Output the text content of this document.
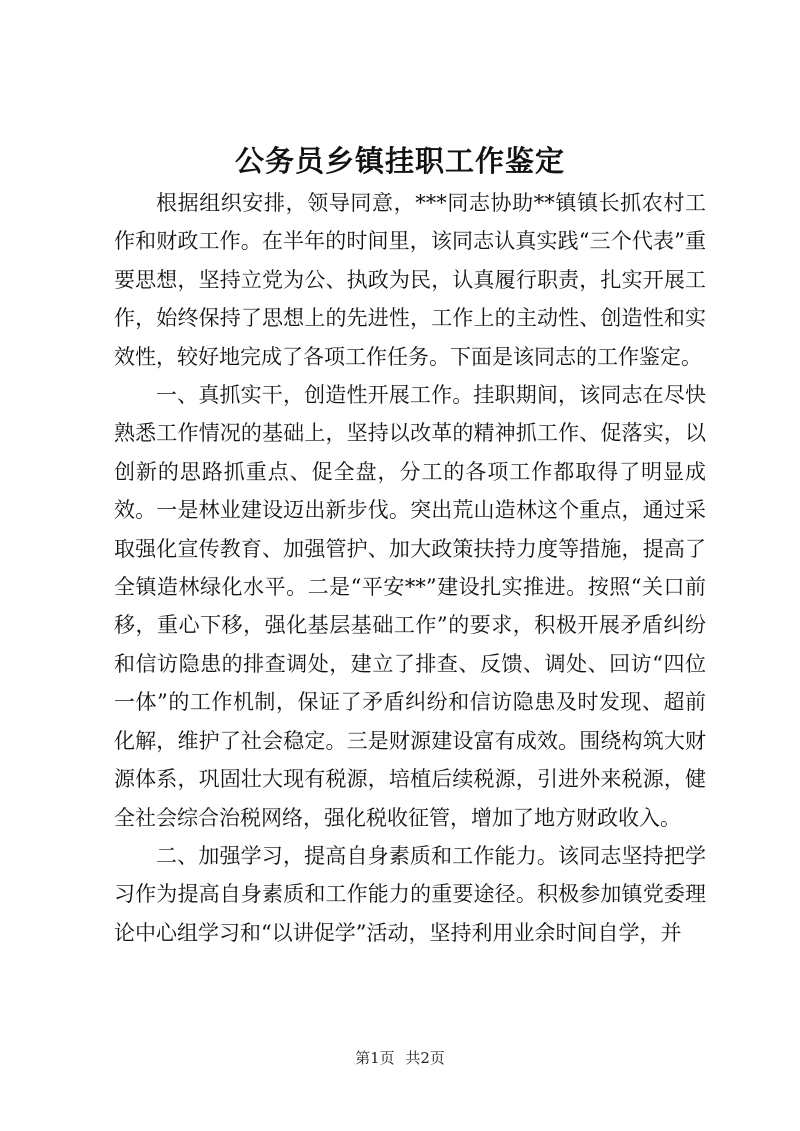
公务员乡镇挂职工作鉴定

根据组织安排，领导同意，***同志协助**镇镇长抓农村工作和财政工作。在半年的时间里，该同志认真实践“三个代表”重要思想，坚持立党为公、执政为民，认真履行职责，扎实开展工作，始终保持了思想上的先进性，工作上的主动性、创造性和实效性，较好地完成了各项工作任务。下面是该同志的工作鉴定。

一、真抓实干，创造性开展工作。挂职期间，该同志在尽快熟悉工作情况的基础上，坚持以改革的精神抓工作、促落实，以创新的思路抓重点、促全盘，分工的各项工作都取得了明显成效。一是林业建设迈出新步伐。突出荒山造林这个重点，通过采取强化宣传教育、加强管护、加大政策扶持力度等措施，提高了全镇造林绿化水平。二是“平安**”建设扎实推进。按照“关口前移，重心下移，强化基层基础工作”的要求，积极开展矛盾纠纷和信访隐患的排查调处，建立了排查、反馈、调处、回访“四位一体”的工作机制，保证了矛盾纠纷和信访隐患及时发现、超前化解，维护了社会稳定。三是财源建设富有成效。围绕构筑大财源体系，巩固壮大现有税源，培植后续税源，引进外来税源，健全社会综合治税网络，强化税收征管，增加了地方财政收入。

二、加强学习，提高自身素质和工作能力。该同志坚持把学习作为提高自身素质和工作能力的重要途径。积极参加镇党委理论中心组学习和“以讲促学”活动，坚持利用业余时间自学，并

第1页 共2页
